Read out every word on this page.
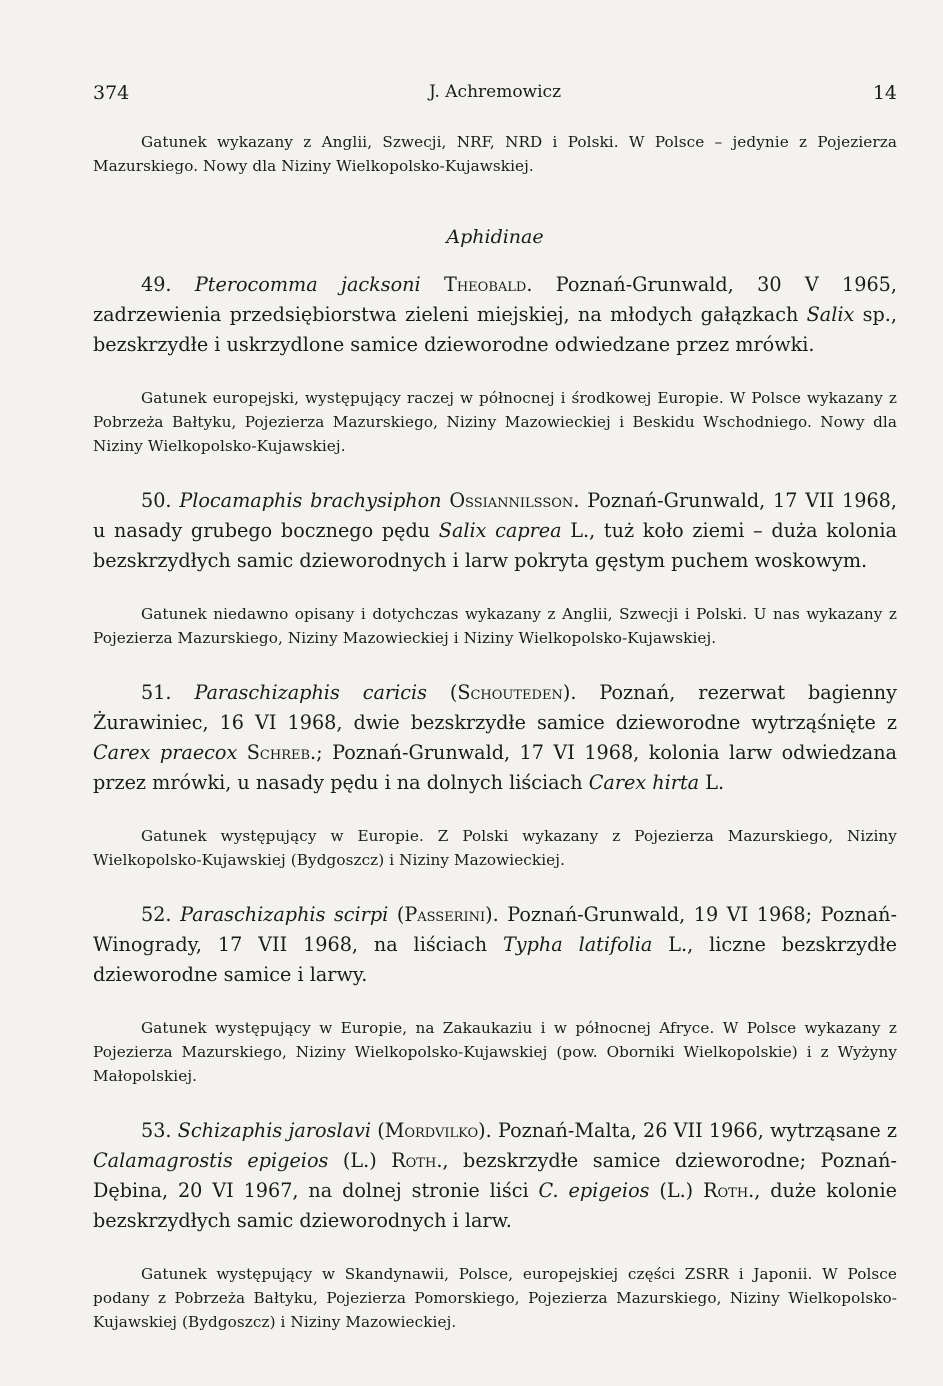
374	J. Achremowicz	14

Gatunek wykazany z Anglii, Szwecji, NRF, NRD i Polski. W Polsce – jedynie z Pojezierza Mazurskiego. Nowy dla Niziny Wielkopolsko-Kujawskiej.

Aphidinae

49. Pterocomma jacksoni Theobald. Poznań-Grunwald, 30 V 1965, zadrzewienia przedsiębiorstwa zieleni miejskiej, na młodych gałązkach Salix sp., bezskrzydłe i uskrzydlone samice dzieworodne odwiedzane przez mrówki.

Gatunek europejski, występujący raczej w północnej i środkowej Europie. W Polsce wykazany z Pobrzeża Bałtyku, Pojezierza Mazurskiego, Niziny Mazowieckiej i Beskidu Wschodniego. Nowy dla Niziny Wielkopolsko-Kujawskiej.

50. Plocamaphis brachysiphon Ossiannilsson. Poznań-Grunwald, 17 VII 1968, u nasady grubego bocznego pędu Salix caprea L., tuż koło ziemi – duża kolonia bezskrzydłych samic dzieworodnych i larw pokryta gęstym puchem woskowym.

Gatunek niedawno opisany i dotychczas wykazany z Anglii, Szwecji i Polski. U nas wykazany z Pojezierza Mazurskiego, Niziny Mazowieckiej i Niziny Wielkopolsko-Kujawskiej.

51. Paraschizaphis caricis (Schouteden). Poznań, rezerwat bagienny Żurawiniec, 16 VI 1968, dwie bezskrzydłe samice dzieworodne wytrząśnięte z Carex praecox Schreb.; Poznań-Grunwald, 17 VI 1968, kolonia larw odwiedzana przez mrówki, u nasady pędu i na dolnych liściach Carex hirta L.

Gatunek występujący w Europie. Z Polski wykazany z Pojezierza Mazurskiego, Niziny Wielkopolsko-Kujawskiej (Bydgoszcz) i Niziny Mazowieckiej.

52. Paraschizaphis scirpi (Passerini). Poznań-Grunwald, 19 VI 1968; Poznań-Winogrady, 17 VII 1968, na liściach Typha latifolia L., liczne bezskrzydłe dzieworodne samice i larwy.

Gatunek występujący w Europie, na Zakaukaziu i w północnej Afryce. W Polsce wykazany z Pojezierza Mazurskiego, Niziny Wielkopolsko-Kujawskiej (pow. Oborniki Wielkopolskie) i z Wyżyny Małopolskiej.

53. Schizaphis jaroslavi (Mordvilko). Poznań-Malta, 26 VII 1966, wytrząsane z Calamagrostis epigeios (L.) Roth., bezskrzydłe samice dzieworodne; Poznań-Dębina, 20 VI 1967, na dolnej stronie liści C. epigeios (L.) Roth., duże kolonie bezskrzydłych samic dzieworodnych i larw.

Gatunek występujący w Skandynawii, Polsce, europejskiej części ZSRR i Japonii. W Polsce podany z Pobrzeża Bałtyku, Pojezierza Pomorskiego, Pojezierza Mazurskiego, Niziny Wielkopolsko-Kujawskiej (Bydgoszcz) i Niziny Mazowieckiej.
